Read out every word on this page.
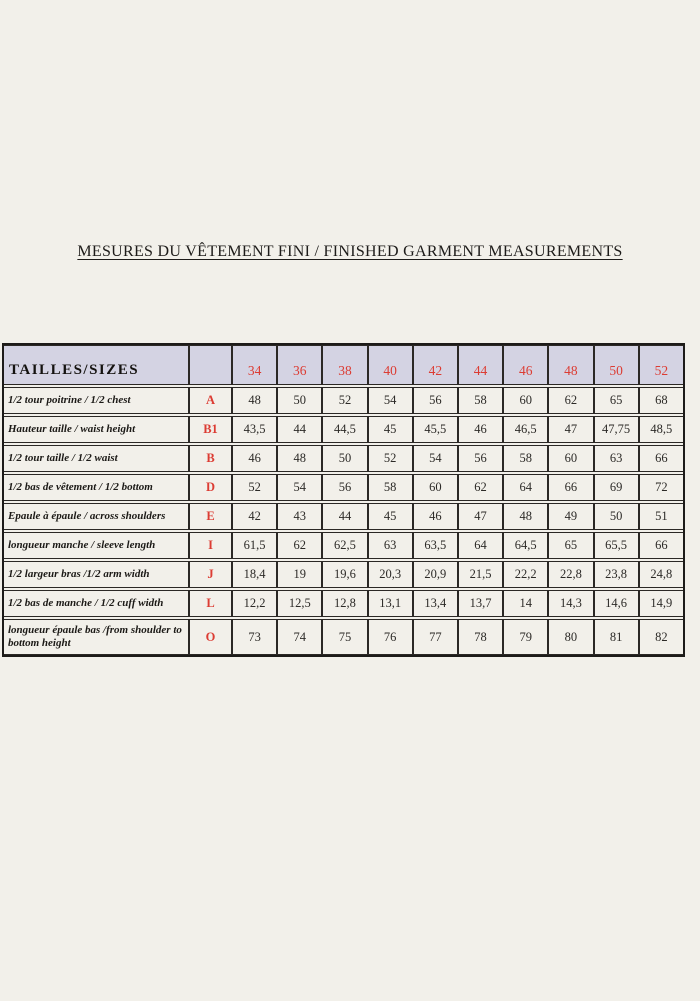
MESURES DU VÊTEMENT FINI / FINISHED GARMENT MEASUREMENTS
TAILLES/SIZES		34	36	38	40	42	44	46	48	50	52
1/2 tour poitrine / 1/2 chest	A	48	50	52	54	56	58	60	62	65	68
Hauteur taille / waist height	B1	43,5	44	44,5	45	45,5	46	46,5	47	47,75	48,5
1/2 tour taille / 1/2 waist	B	46	48	50	52	54	56	58	60	63	66
1/2 bas de vêtement / 1/2 bottom	D	52	54	56	58	60	62	64	66	69	72
Epaule à épaule / across shoulders	E	42	43	44	45	46	47	48	49	50	51
longueur manche / sleeve length	I	61,5	62	62,5	63	63,5	64	64,5	65	65,5	66
1/2 largeur bras /1/2 arm width	J	18,4	19	19,6	20,3	20,9	21,5	22,2	22,8	23,8	24,8
1/2 bas de manche / 1/2 cuff width	L	12,2	12,5	12,8	13,1	13,4	13,7	14	14,3	14,6	14,9
longueur épaule bas /from shoulder to bottom height	O	73	74	75	76	77	78	79	80	81	82
